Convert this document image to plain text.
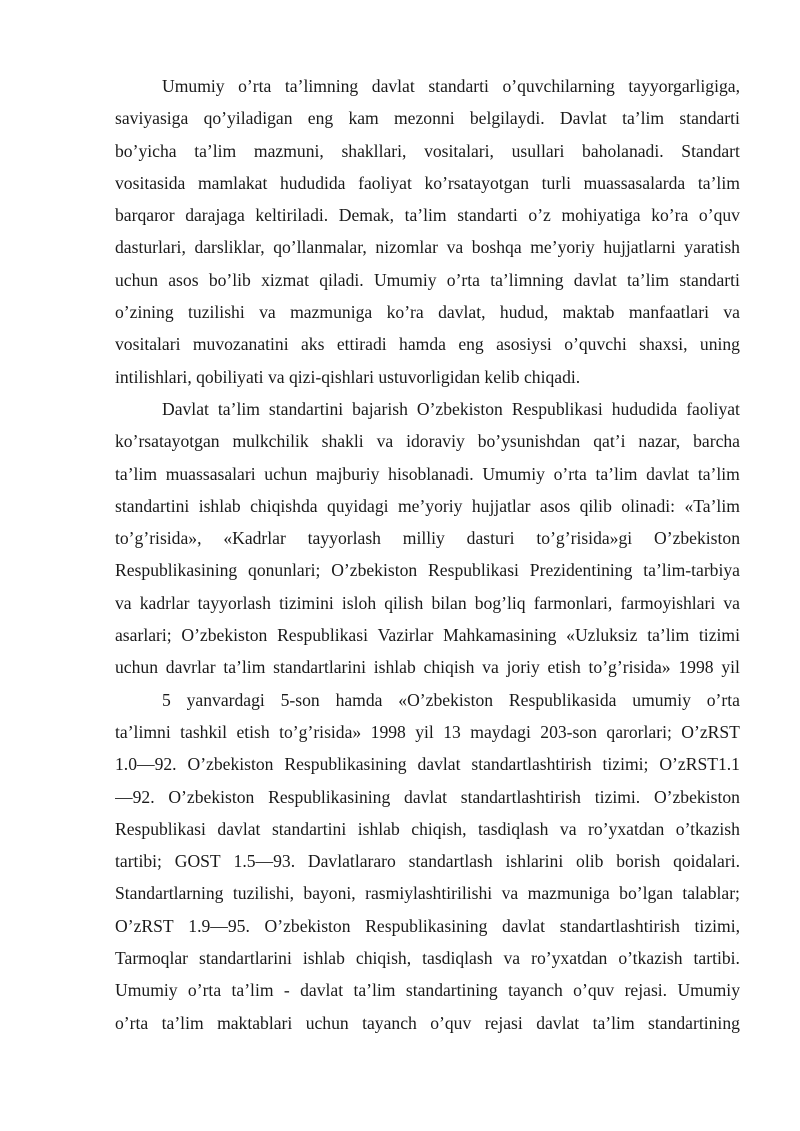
Umumiy o’rta ta’limning davlat standarti o’quvchilarning tayyorgarligiga,
saviyasiga qo’yiladigan eng kam mezonni belgilaydi. Davlat ta’lim standarti
bo’yicha ta’lim mazmuni, shakllari, vositalari, usullari baholanadi. Standart
vositasida mamlakat hududida faoliyat ko’rsatayotgan turli muassasalarda ta’lim
barqaror darajaga keltiriladi. Demak, ta’lim standarti o’z mohiyatiga ko’ra o’quv
dasturlari, darsliklar, qo’llanmalar, nizomlar va boshqa me’yoriy hujjatlarni yaratish
uchun asos bo’lib xizmat qiladi. Umumiy o’rta ta’limning davlat ta’lim standarti
o’zining tuzilishi va mazmuniga ko’ra davlat, hudud, maktab manfaatlari va
vositalari muvozanatini aks ettiradi hamda eng asosiysi o’quvchi shaxsi, uning
intilishlari, qobiliyati va qizi-qishlari ustuvorligidan kelib chiqadi.
Davlat ta’lim standartini bajarish O’zbekiston Respublikasi hududida faoliyat
ko’rsatayotgan mulkchilik shakli va idoraviy bo’ysunishdan qat’i nazar, barcha
ta’lim muassasalari uchun majburiy hisoblanadi. Umumiy o’rta ta’lim davlat ta’lim
standartini ishlab chiqishda quyidagi me’yoriy hujjatlar asos qilib olinadi: «Ta’lim
to’g’risida», «Kadrlar tayyorlash milliy dasturi to’g’risida»gi O’zbekiston
Respublikasining qonunlari; O’zbekiston Respublikasi Prezidentining ta’lim-tarbiya
va kadrlar tayyorlash tizimini isloh qilish bilan bog’liq farmonlari, farmoyishlari va
asarlari; O’zbekiston Respublikasi Vazirlar Mahkamasining «Uzluksiz ta’lim tizimi
uchun davrlar ta’lim standartlarini ishlab chiqish va joriy etish to’g’risida» 1998 yil
5 yanvardagi 5-son hamda «O’zbekiston Respublikasida umumiy o’rta
ta’limni tashkil etish to’g’risida» 1998 yil 13 maydagi 203-son qarorlari; O’zRST
1.0—92. O’zbekiston Respublikasining davlat standartlashtirish tizimi; O’zRST1.1
—92. O’zbekiston Respublikasining davlat standartlashtirish tizimi. O’zbekiston
Respublikasi davlat standartini ishlab chiqish, tasdiqlash va ro’yxatdan o’tkazish
tartibi; GOST 1.5—93. Davlatlararo standartlash ishlarini olib borish qoidalari.
Standartlarning tuzilishi, bayoni, rasmiylashtirilishi va mazmuniga bo’lgan talablar;
O’zRST 1.9—95. O’zbekiston Respublikasining davlat standartlashtirish tizimi,
Tarmoqlar standartlarini ishlab chiqish, tasdiqlash va ro’yxatdan o’tkazish tartibi.
Umumiy o’rta ta’lim - davlat ta’lim standartining tayanch o’quv rejasi. Umumiy
o’rta ta’lim maktablari uchun tayanch o’quv rejasi davlat ta’lim standartining
